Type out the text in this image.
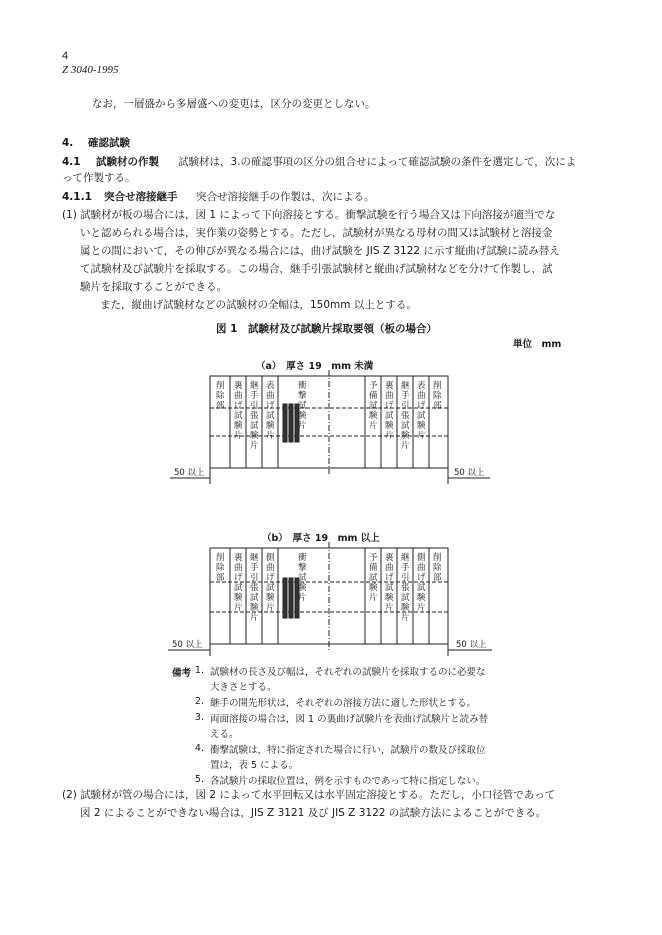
4
Z 3040-1995
なお，一層盛から多層盛への変更は，区分の変更としない。
4. 確認試験
4.1 試験材の作製 試験材は，3.の確認事項の区分の組合せによって確認試験の条件を選定して，次によ
って作製する。
4.1.1 突合せ溶接継手 突合せ溶接継手の作製は，次による。
(1) 試験材が板の場合には，図 1 によって下向溶接とする。衝撃試験を行う場合又は下向溶接が適当でな
いと認められる場合は，実作業の姿勢とする。ただし，試験材が異なる母材の間又は試験材と溶接金
属との間において，その伸びが異なる場合には，曲げ試験を JIS Z 3122 に示す縦曲げ試験に読み替え
て試験材及び試験片を採取する。この場合，継手引張試験材と縦曲げ試験材などを分けて作製し，試
験片を採取することができる。
また，縦曲げ試験材などの試験材の全幅は，150mm 以上とする。
図 1　試験材及び試験片採取要領（板の場合）
単位　mm
（a）　厚さ 19　mm 未満
（b）　厚さ 19　mm 以上
削除部
裏曲げ試験片
継手引張試験片
表曲げ試験片
衝撃試験片
予備試験片
裏曲げ試験片
継手引張試験片
表曲げ試験片
削除部
50 以上	50 以上
削除部
裏曲げ試験片
継手引張試験片
側曲げ試験片
衝撃試験片
予備試験片
裏曲げ試験片
継手引張試験片
側曲げ試験片
削除部
50 以上	50 以上
備考 1. 試験材の長さ及び幅は，それぞれの試験片を採取するのに必要な
大きさとする。
2. 継手の開先形状は，それぞれの溶接方法に適した形状とする。
3. 両面溶接の場合は，図 1 の裏曲げ試験片を表曲げ試験片と読み替
える。
4. 衝撃試験は，特に指定された場合に行い，試験片の数及び採取位
置は，表 5 による。
5. 各試験片の採取位置は，例を示すものであって特に指定しない。
(2) 試験材が管の場合には，図 2 によって水平回転又は水平固定溶接とする。ただし，小口径管であって
図 2 によることができない場合は，JIS Z 3121 及び JIS Z 3122 の試験方法によることができる。
